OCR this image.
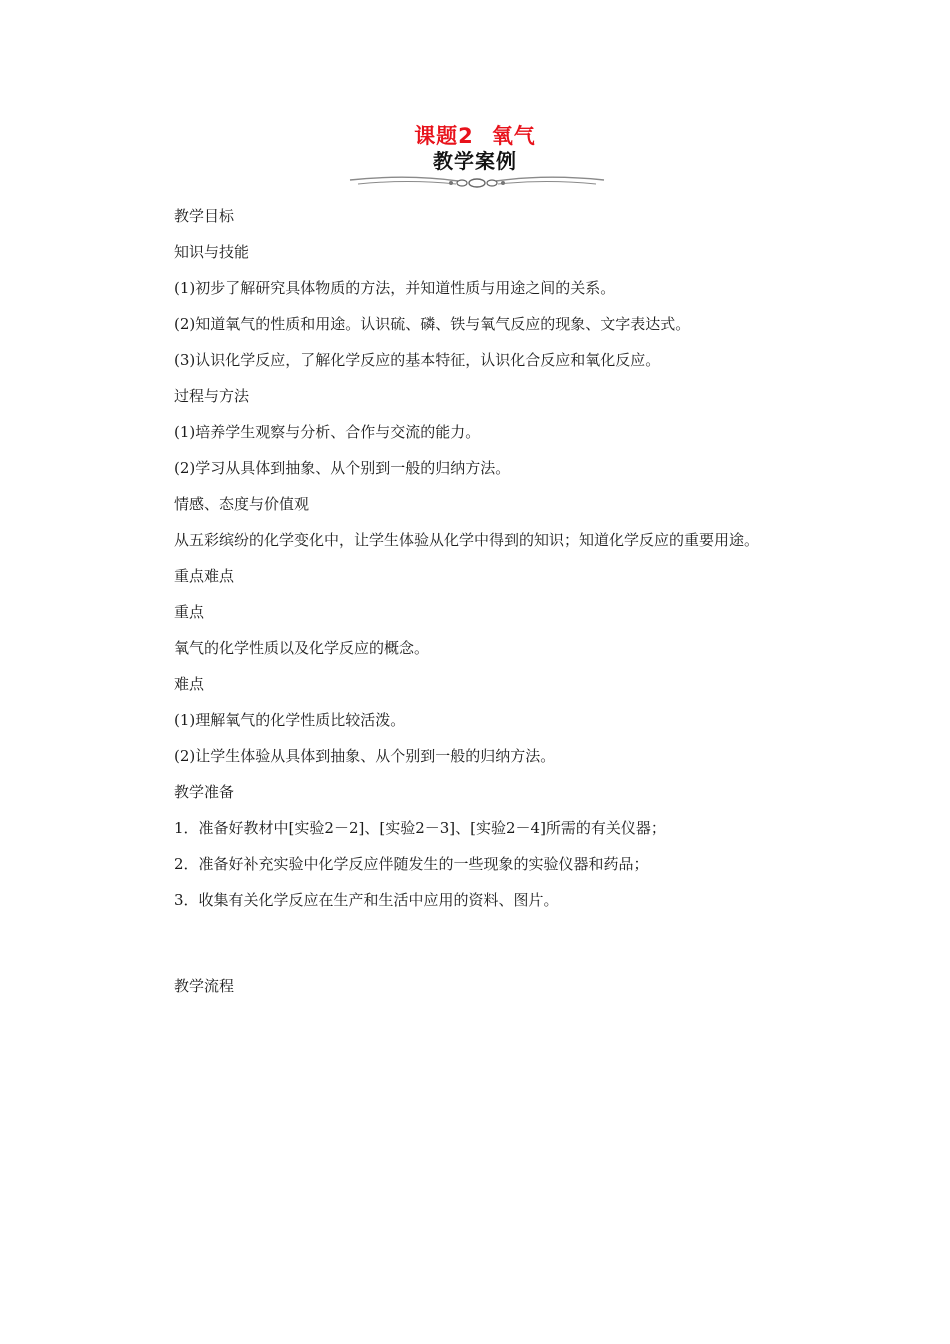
课题2 氧气
教学案例
教学目标
知识与技能
(1)初步了解研究具体物质的方法，并知道性质与用途之间的关系。
(2)知道氧气的性质和用途。认识硫、磷、铁与氧气反应的现象、文字表达式。
(3)认识化学反应，了解化学反应的基本特征，认识化合反应和氧化反应。
过程与方法
(1)培养学生观察与分析、合作与交流的能力。
(2)学习从具体到抽象、从个别到一般的归纳方法。
情感、态度与价值观
从五彩缤纷的化学变化中，让学生体验从化学中得到的知识；知道化学反应的重要用途。
重点难点
重点
氧气的化学性质以及化学反应的概念。
难点
(1)理解氧气的化学性质比较活泼。
(2)让学生体验从具体到抽象、从个别到一般的归纳方法。
教学准备
1．准备好教材中[实验2－2]、[实验2－3]、[实验2－4]所需的有关仪器；
2．准备好补充实验中化学反应伴随发生的一些现象的实验仪器和药品；
3．收集有关化学反应在生产和生活中应用的资料、图片。
教学流程
